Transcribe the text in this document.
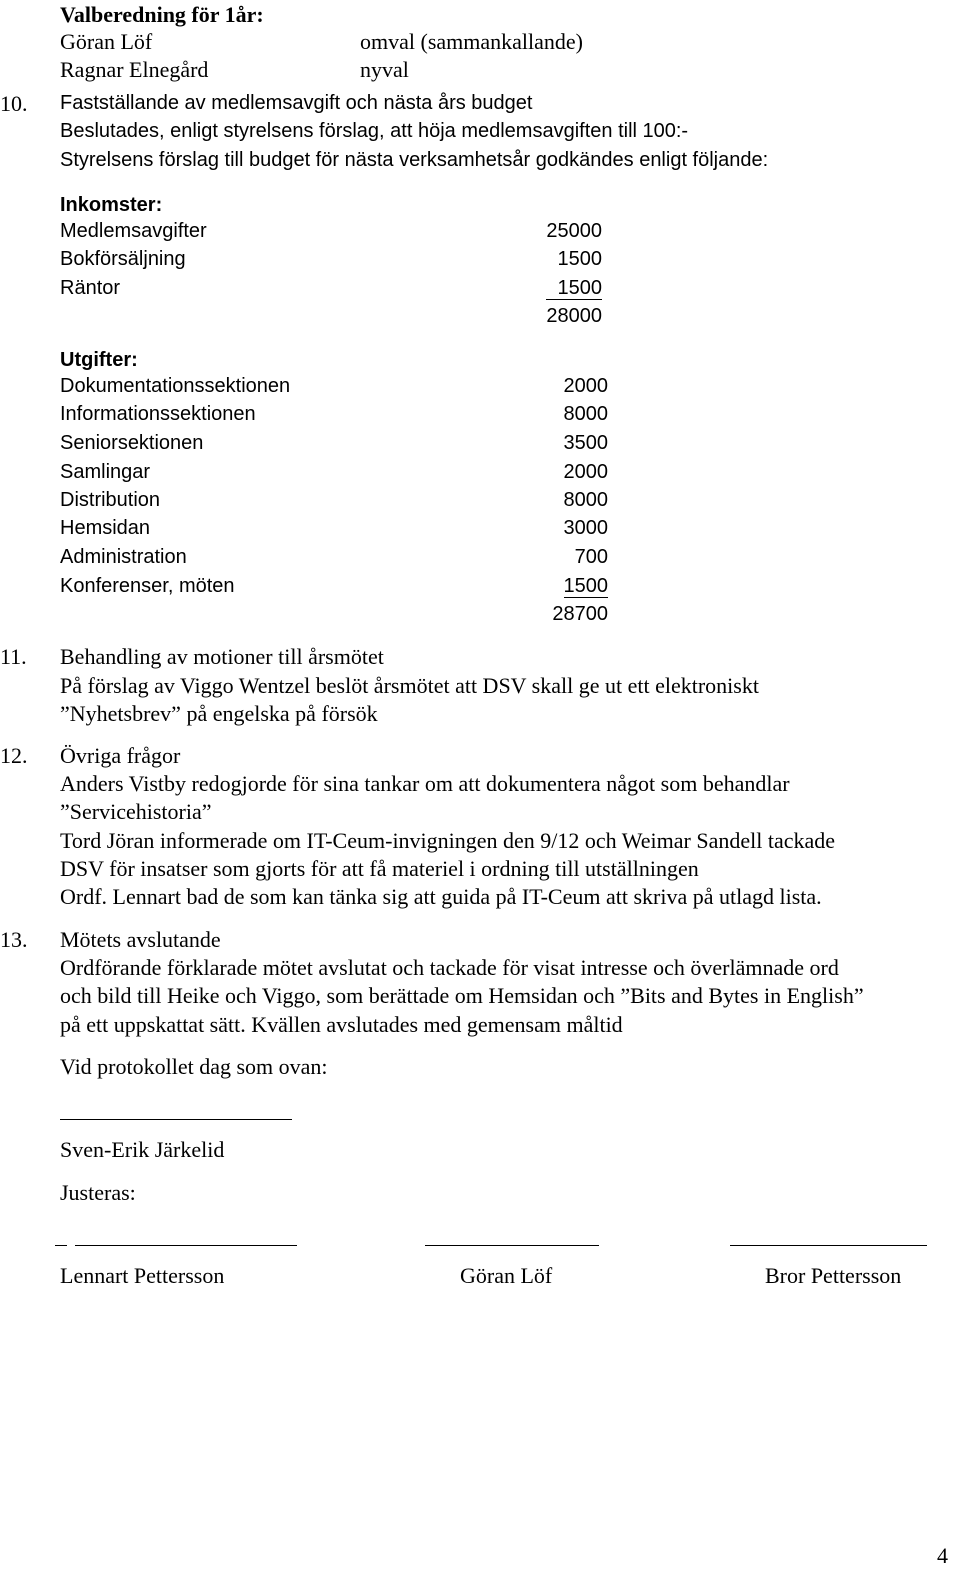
Valberedning för 1år:
Göran Löf	omval (sammankallande)
Ragnar Elnegård	nyval
10. Fastställande av medlemsavgift och nästa års budget
Beslutades, enligt styrelsens förslag, att höja medlemsavgiften till 100:-
Styrelsens förslag till budget för nästa verksamhetsår godkändes enligt följande:
Inkomster:
Medlemsavgifter	25000
Bokförsäljning	1500
Räntor	1500
28000
Utgifter:
Dokumentationssektionen	2000
Informationssektionen	8000
Seniorsektionen	3500
Samlingar	2000
Distribution	8000
Hemsidan	3000
Administration	700
Konferenser, möten	1500
28700
11. Behandling av motioner till årsmötet
På förslag av Viggo Wentzel beslöt årsmötet att DSV skall ge ut ett elektroniskt
”Nyhetsbrev” på engelska på försök
12. Övriga frågor
Anders Vistby redogjorde för sina tankar om att dokumentera något som behandlar
”Servicehistoria”
Tord Jöran informerade om IT-Ceum-invigningen den 9/12 och Weimar Sandell tackade
DSV för insatser som gjorts för att få materiel i ordning till utställningen
Ordf. Lennart bad de som kan tänka sig att guida på IT-Ceum att skriva på utlagd lista.
13. Mötets avslutande
Ordförande förklarade mötet avslutat och tackade för visat intresse och överlämnade ord
och bild till Heike och Viggo, som berättade om Hemsidan och ”Bits and Bytes in English”
på ett uppskattat sätt. Kvällen avslutades med gemensam måltid
Vid protokollet dag som ovan:
Sven-Erik Järkelid
Justeras:
Lennart Pettersson	Göran Löf	Bror Pettersson
4
